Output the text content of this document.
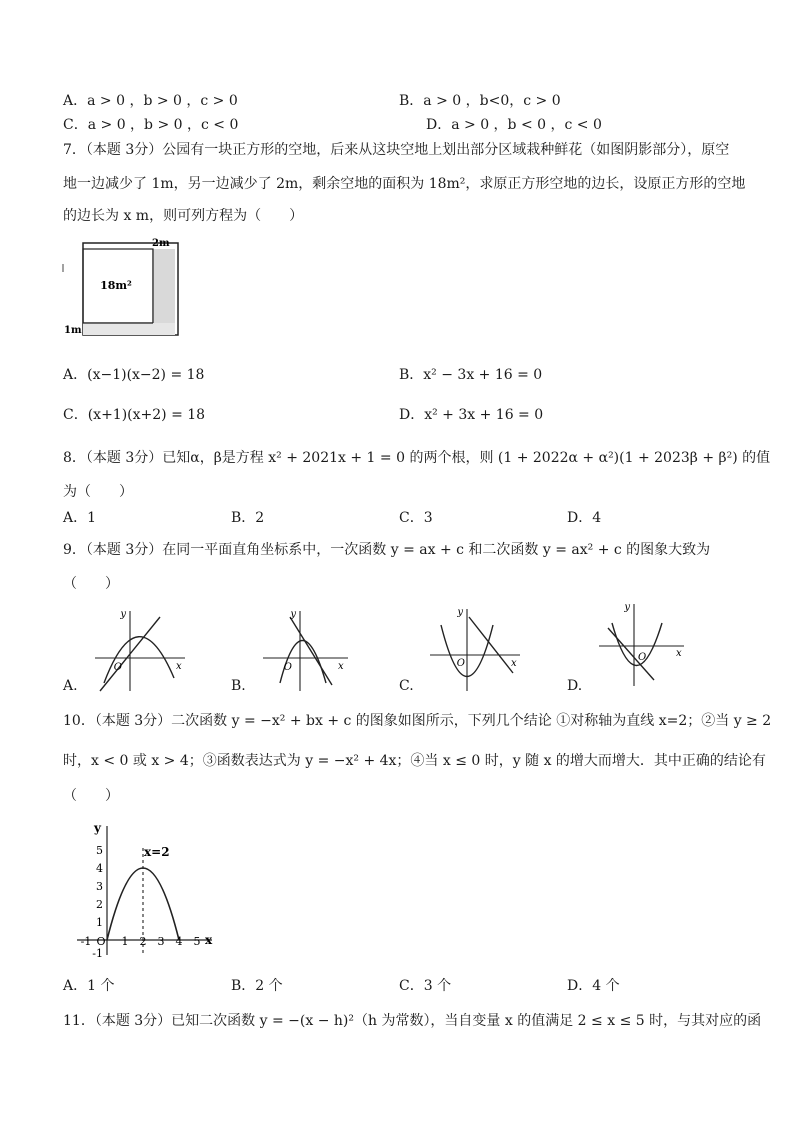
A．a > 0 ，b > 0 ，c > 0	B．a > 0 ，b<0，c > 0
C．a > 0 ，b > 0 ，c < 0	D．a > 0 ，b < 0 ，c < 0
7．（本题 3分）公园有一块正方形的空地，后来从这块空地上划出部分区域栽种鲜花（如图阴影部分），原空
地一边减少了 1m，另一边减少了 2m，剩余空地的面积为 18m²，求原正方形空地的边长，设原正方形的空地
的边长为 x m，则可列方程为（　　）
18m²
2m
1m
A．(x−1)(x−2) = 18	B．x² − 3x + 16 = 0
C．(x+1)(x+2) = 18	D．x² + 3x + 16 = 0
8．（本题 3分）已知α，β是方程 x² + 2021x + 1 = 0 的两个根，则 (1 + 2022α + α²)(1 + 2023β + β²) 的值
为（　　）
A．1	B．2	C．3	D．4
9．（本题 3分）在同一平面直角坐标系中，一次函数 y = ax + c 和二次函数 y = ax² + c 的图象大致为
（　　）
y
x
O
y
x
O
y
x
O
y
x
O
A.	B.	C.	D.
10．（本题 3分）二次函数 y = −x² + bx + c 的图象如图所示，下列几个结论 ①对称轴为直线 x=2；②当 y ≥ 2
时，x < 0 或 x > 4；③函数表达式为 y = −x² + 4x；④当 x ≤ 0 时，y 随 x 的增大而增大．其中正确的结论有
（　　）
x=2
y
x
5
4
3
2
1
-1
-1 O 1 2 3 4 5
A．1 个	B．2 个	C．3 个	D．4 个
11．（本题 3分）已知二次函数 y = −(x − h)²（h 为常数），当自变量 x 的值满足 2 ≤ x ≤ 5 时，与其对应的函
